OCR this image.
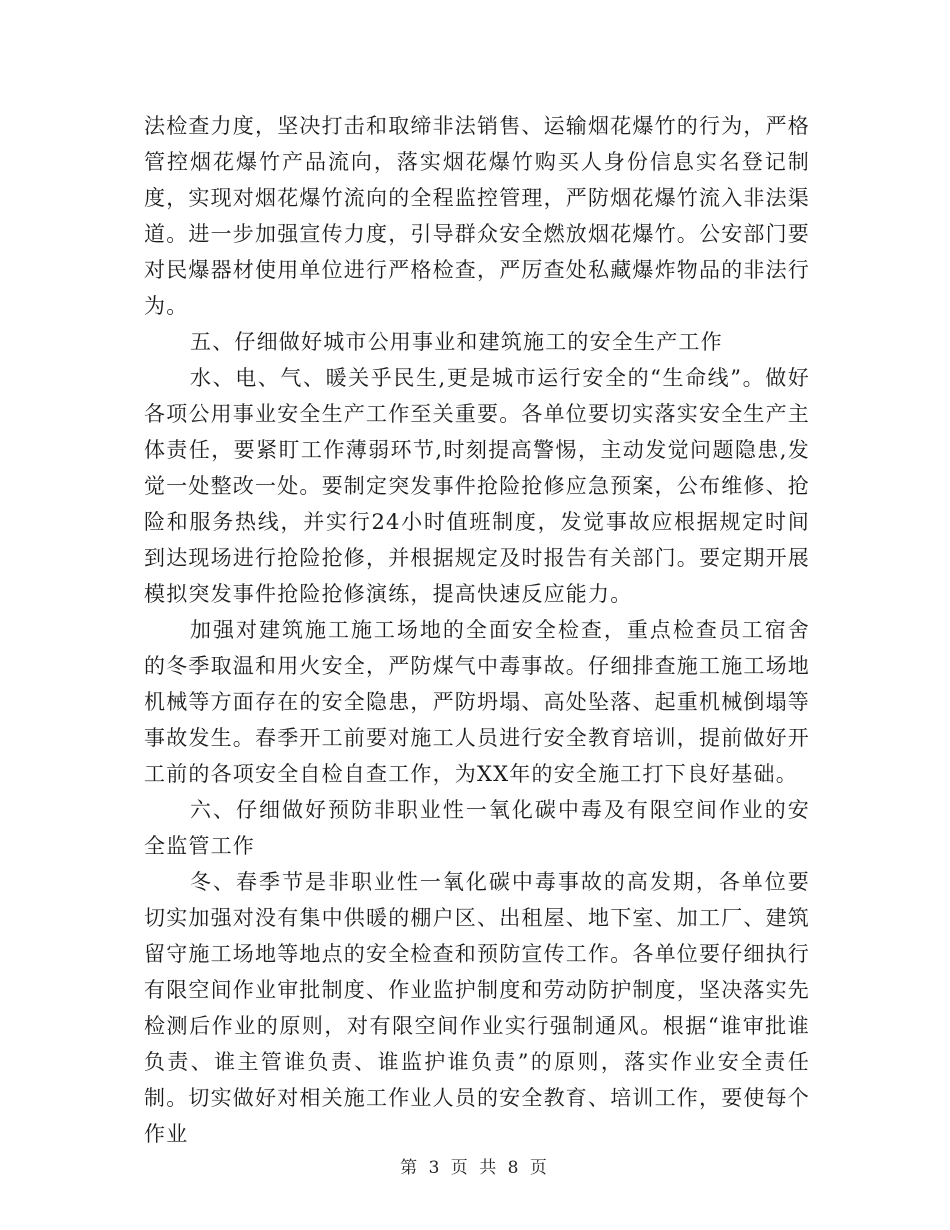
法检查力度，坚决打击和取缔非法销售、运输烟花爆竹的行为，严格管控烟花爆竹产品流向，落实烟花爆竹购买人身份信息实名登记制度，实现对烟花爆竹流向的全程监控管理，严防烟花爆竹流入非法渠道。进一步加强宣传力度，引导群众安全燃放烟花爆竹。公安部门要对民爆器材使用单位进行严格检查，严厉查处私藏爆炸物品的非法行为。

五、仔细做好城市公用事业和建筑施工的安全生产工作

水、电、气、暖关乎民生,更是城市运行安全的“生命线”。做好各项公用事业安全生产工作至关重要。各单位要切实落实安全生产主体责任，要紧盯工作薄弱环节,时刻提高警惕，主动发觉问题隐患,发觉一处整改一处。要制定突发事件抢险抢修应急预案，公布维修、抢险和服务热线，并实行24小时值班制度，发觉事故应根据规定时间到达现场进行抢险抢修，并根据规定及时报告有关部门。要定期开展模拟突发事件抢险抢修演练，提高快速反应能力。

加强对建筑施工施工场地的全面安全检查，重点检查员工宿舍的冬季取温和用火安全，严防煤气中毒事故。仔细排查施工施工场地机械等方面存在的安全隐患，严防坍塌、高处坠落、起重机械倒塌等事故发生。春季开工前要对施工人员进行安全教育培训，提前做好开工前的各项安全自检自查工作，为XX年的安全施工打下良好基础。

六、仔细做好预防非职业性一氧化碳中毒及有限空间作业的安全监管工作

冬、春季节是非职业性一氧化碳中毒事故的高发期，各单位要切实加强对没有集中供暖的棚户区、出租屋、地下室、加工厂、建筑留守施工场地等地点的安全检查和预防宣传工作。各单位要仔细执行有限空间作业审批制度、作业监护制度和劳动防护制度，坚决落实先检测后作业的原则，对有限空间作业实行强制通风。根据“谁审批谁负责、谁主管谁负责、谁监护谁负责”的原则，落实作业安全责任制。切实做好对相关施工作业人员的安全教育、培训工作，要使每个作业

第 3 页 共 8 页
